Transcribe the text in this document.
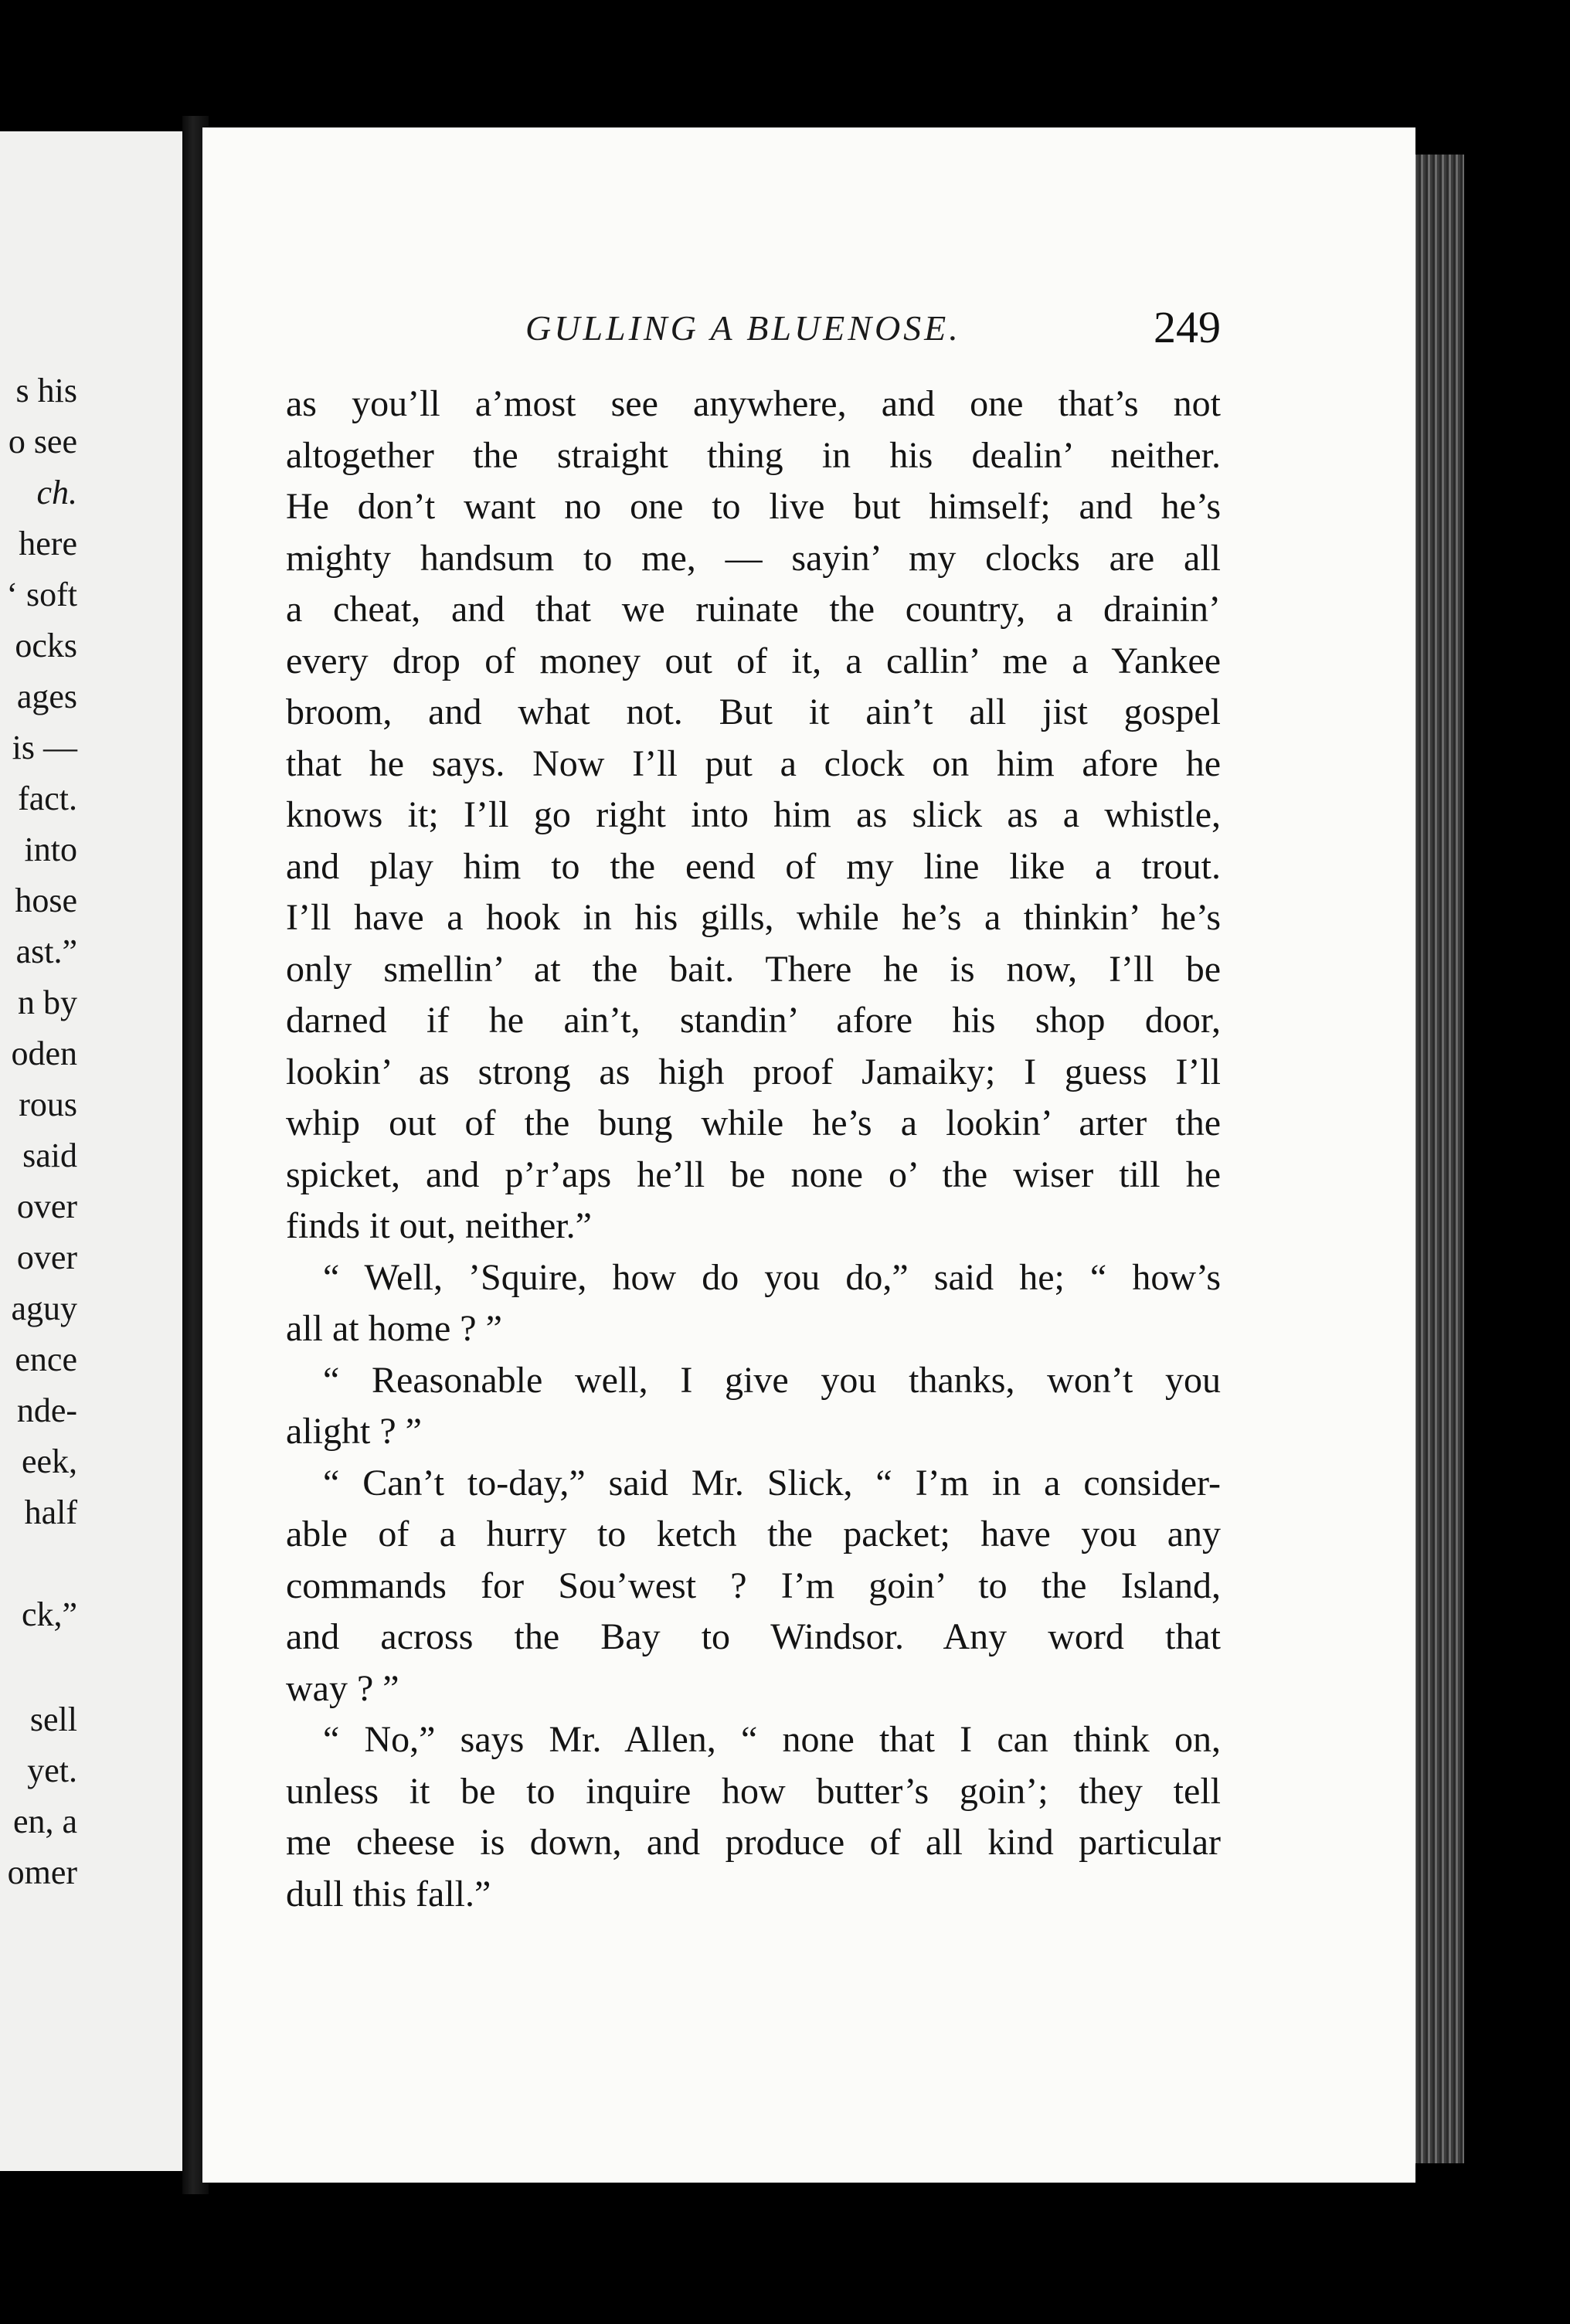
s his
o see
ch.
here
‘ soft
ocks
ages
is —
fact.
into
hose
ast.”
n by
oden
rous
said
over
over
aguy
ence
nde-
eek,
half
ck,”
sell
yet.
en, a
omer
GULLING A BLUENOSE.	249
as you’ll a’most see anywhere, and one that’s not
altogether the straight thing in his dealin’ neither.
He don’t want no one to live but himself; and he’s
mighty handsum to me, — sayin’ my clocks are all
a cheat, and that we ruinate the country, a drainin’
every drop of money out of it, a callin’ me a Yankee
broom, and what not. But it ain’t all jist gospel
that he says. Now I’ll put a clock on him afore he
knows it; I’ll go right into him as slick as a whistle,
and play him to the eend of my line like a trout.
I’ll have a hook in his gills, while he’s a thinkin’ he’s
only smellin’ at the bait. There he is now, I’ll be
darned if he ain’t, standin’ afore his shop door,
lookin’ as strong as high proof Jamaiky; I guess I’ll
whip out of the bung while he’s a lookin’ arter the
spicket, and p’r’aps he’ll be none o’ the wiser till he
finds it out, neither.”
“ Well, ’Squire, how do you do,” said he; “ how’s
all at home ? ”
“ Reasonable well, I give you thanks, won’t you
alight ? ”
“ Can’t to-day,” said Mr. Slick, “ I’m in a consider-
able of a hurry to ketch the packet; have you any
commands for Sou’west ? I’m goin’ to the Island,
and across the Bay to Windsor. Any word that
way ? ”
“ No,” says Mr. Allen, “ none that I can think on,
unless it be to inquire how butter’s goin’; they tell
me cheese is down, and produce of all kind particular
dull this fall.”
